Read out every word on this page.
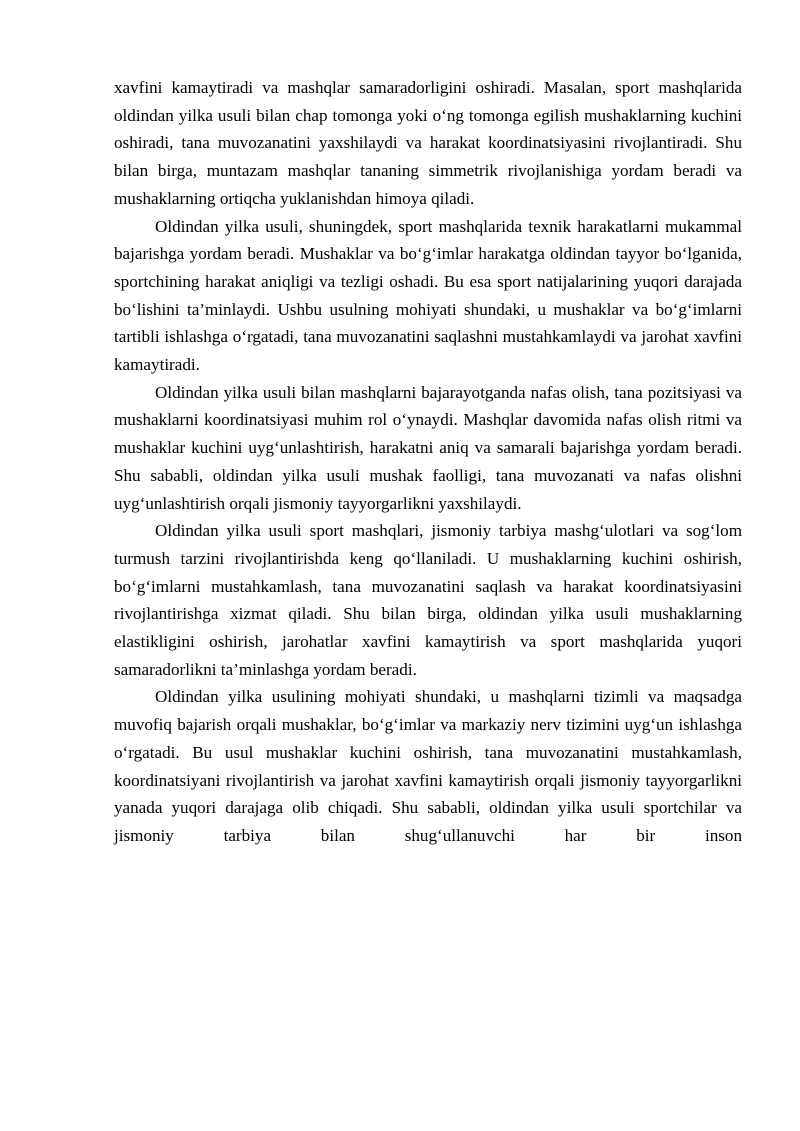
xavfini kamaytiradi va mashqlar samaradorligini oshiradi. Masalan, sport mashqlarida oldindan yilka usuli bilan chap tomonga yoki o‘ng tomonga egilish mushaklarning kuchini oshiradi, tana muvozanatini yaxshilaydi va harakat koordinatsiyasini rivojlantiradi. Shu bilan birga, muntazam mashqlar tananing simmetrik rivojlanishiga yordam beradi va mushaklarning ortiqcha yuklanishdan himoya qiladi.

Oldindan yilka usuli, shuningdek, sport mashqlarida texnik harakatlarni mukammal bajarishga yordam beradi. Mushaklar va bo‘g‘imlar harakatga oldindan tayyor bo‘lganida, sportchining harakat aniqligi va tezligi oshadi. Bu esa sport natijalarining yuqori darajada bo‘lishini ta’minlaydi. Ushbu usulning mohiyati shundaki, u mushaklar va bo‘g‘imlarni tartibli ishlashga o‘rgatadi, tana muvozanatini saqlashni mustahkamlaydi va jarohat xavfini kamaytiradi.

Oldindan yilka usuli bilan mashqlarni bajarayotganda nafas olish, tana pozitsiyasi va mushaklarni koordinatsiyasi muhim rol o‘ynaydi. Mashqlar davomida nafas olish ritmi va mushaklar kuchini uyg‘unlashtirish, harakatni aniq va samarali bajarishga yordam beradi. Shu sababli, oldindan yilka usuli mushak faolligi, tana muvozanati va nafas olishni uyg‘unlashtirish orqali jismoniy tayyorgarlikni yaxshilaydi.

Oldindan yilka usuli sport mashqlari, jismoniy tarbiya mashg‘ulotlari va sog‘lom turmush tarzini rivojlantirishda keng qo‘llaniladi. U mushaklarning kuchini oshirish, bo‘g‘imlarni mustahkamlash, tana muvozanatini saqlash va harakat koordinatsiyasini rivojlantirishga xizmat qiladi. Shu bilan birga, oldindan yilka usuli mushaklarning elastikligini oshirish, jarohatlar xavfini kamaytirish va sport mashqlarida yuqori samaradorlikni ta’minlashga yordam beradi.

Oldindan yilka usulining mohiyati shundaki, u mashqlarni tizimli va maqsadga muvofiq bajarish orqali mushaklar, bo‘g‘imlar va markaziy nerv tizimini uyg‘un ishlashga o‘rgatadi. Bu usul mushaklar kuchini oshirish, tana muvozanatini mustahkamlash, koordinatsiyani rivojlantirish va jarohat xavfini kamaytirish orqali jismoniy tayyorgarlikni yanada yuqori darajaga olib chiqadi. Shu sababli, oldindan yilka usuli sportchilar va jismoniy tarbiya bilan shug‘ullanuvchi har bir inson
